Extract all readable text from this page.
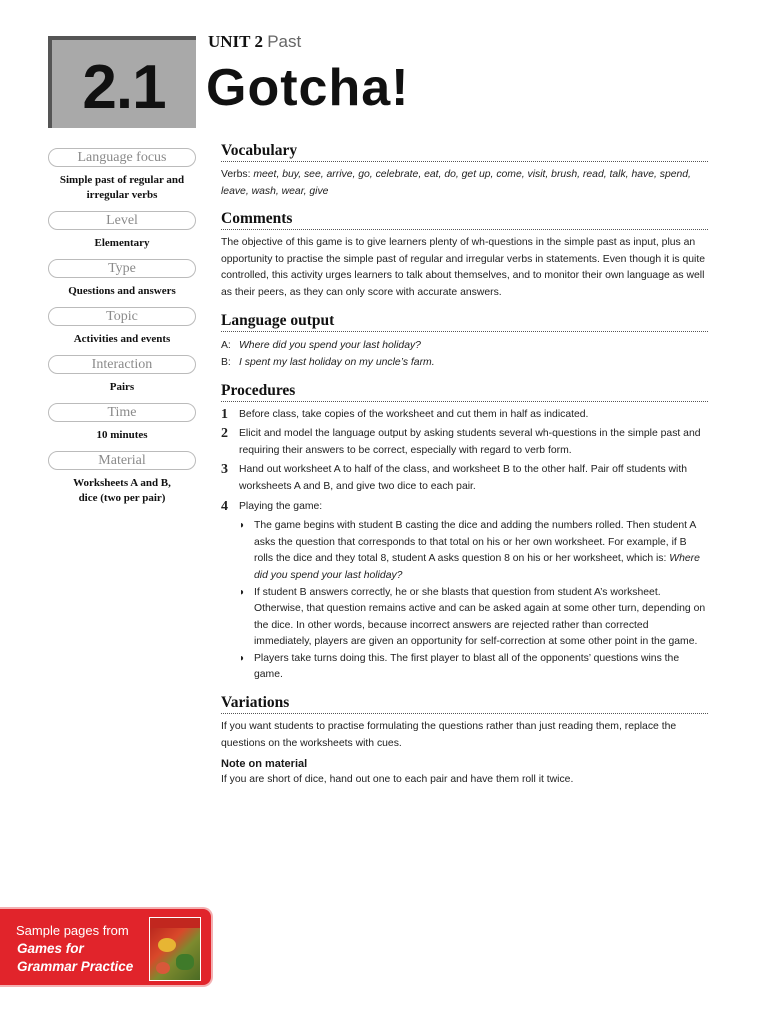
2.1
UNIT 2 Past
Gotcha!
Language focus
Simple past of regular and irregular verbs
Level
Elementary
Type
Questions and answers
Topic
Activities and events
Interaction
Pairs
Time
10 minutes
Material
Worksheets A and B, dice (two per pair)
Vocabulary

Verbs: meet, buy, see, arrive, go, celebrate, eat, do, get up, come, visit, brush, read, talk, have, spend, leave, wash, wear, give

Comments

The objective of this game is to give learners plenty of wh-questions in the simple past as input, plus an opportunity to practise the simple past of regular and irregular verbs in statements. Even though it is quite controlled, this activity urges learners to talk about themselves, and to monitor their own language as well as their peers, as they can only score with accurate answers.

Language output
A: Where did you spend your last holiday?
B: I spent my last holiday on my uncle’s farm.
Procedures
1	Before class, take copies of the worksheet and cut them in half as indicated.
2	Elicit and model the language output by asking students several wh-questions in the simple past and requiring their answers to be correct, especially with regard to verb form.
3	Hand out worksheet A to half of the class, and worksheet B to the other half. Pair off students with worksheets A and B, and give two dice to each pair.
4	Playing the game:
◗ The game begins with student B casting the dice and adding the numbers rolled. Then student A asks the question that corresponds to that total on his or her own worksheet. For example, if B rolls the dice and they total 8, student A asks question 8 on his or her worksheet, which is: Where did you spend your last holiday?
◗ If student B answers correctly, he or she blasts that question from student A’s worksheet. Otherwise, that question remains active and can be asked again at some other turn, depending on the dice. In other words, because incorrect answers are rejected rather than corrected immediately, players are given an opportunity for self-correction at some other point in the game.
◗ Players take turns doing this. The first player to blast all of the opponents’ questions wins the game.
Variations

If you want students to practise formulating the questions rather than just reading them, replace the questions on the worksheets with cues.

Note on material

If you are short of dice, hand out one to each pair and have them roll it twice.

Sample pages from
Games for
Grammar Practice
